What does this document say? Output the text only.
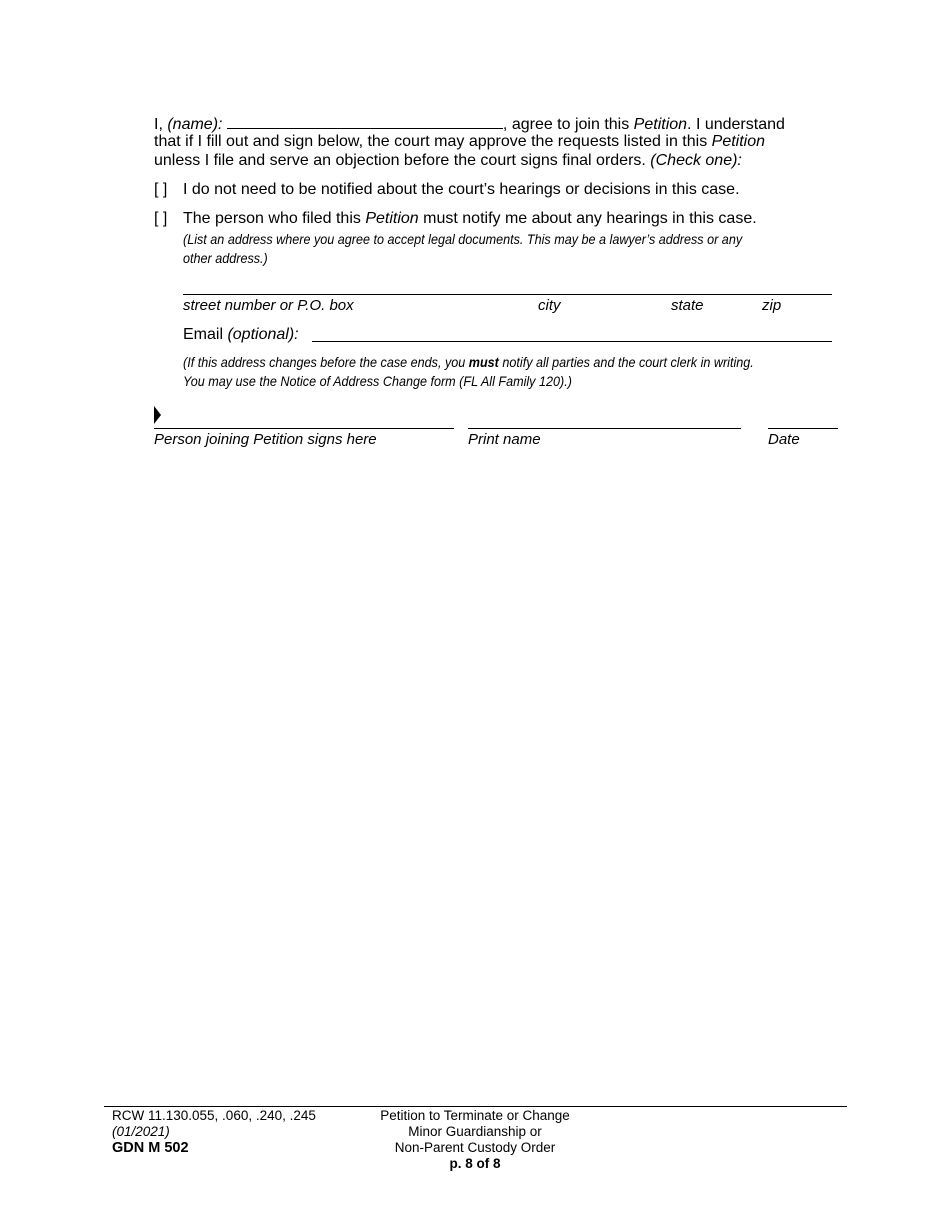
I, (name):	, agree to join this Petition. I understand
that if I fill out and sign below, the court may approve the requests listed in this Petition
unless I file and serve an objection before the court signs final orders. (Check one):
[ ] I do not need to be notified about the court’s hearings or decisions in this case.
[ ] The person who filed this Petition must notify me about any hearings in this case.
(List an address where you agree to accept legal documents. This may be a lawyer’s address or any
other address.)
street number or P.O. box	city	state	zip
Email (optional):
(If this address changes before the case ends, you must notify all parties and the court clerk in writing.
You may use the Notice of Address Change form (FL All Family 120).)
Person joining Petition signs here	Print name	Date
RCW 11.130.055, .060, .240, .245
(01/2021)
GDN M 502
Petition to Terminate or Change
Minor Guardianship or
Non-Parent Custody Order
p. 8 of 8
